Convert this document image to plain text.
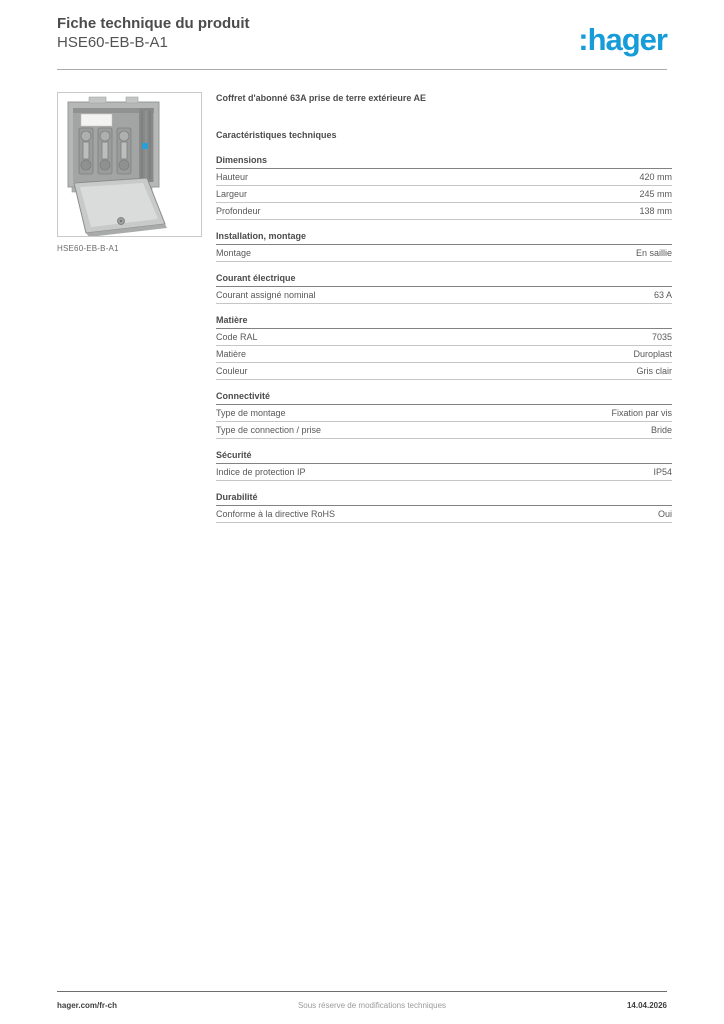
Fiche technique du produit
HSE60-EB-B-A1	:hager
HSE60-EB-B-A1
Coffret d'abonné 63A prise de terre extérieure AE
Caractéristiques techniques
Dimensions
Hauteur	420 mm
Largeur	245 mm
Profondeur	138 mm
Installation, montage
Montage	En saillie
Courant électrique
Courant assigné nominal	63 A
Matière
Code RAL	7035
Matière	Duroplast
Couleur	Gris clair
Connectivité
Type de montage	Fixation par vis
Type de connection / prise	Bride
Sécurité
Indice de protection IP	IP54
Durabilité
Conforme à la directive RoHS	Oui
hager.com/fr-ch	Sous réserve de modifications techniques	14.04.2026
